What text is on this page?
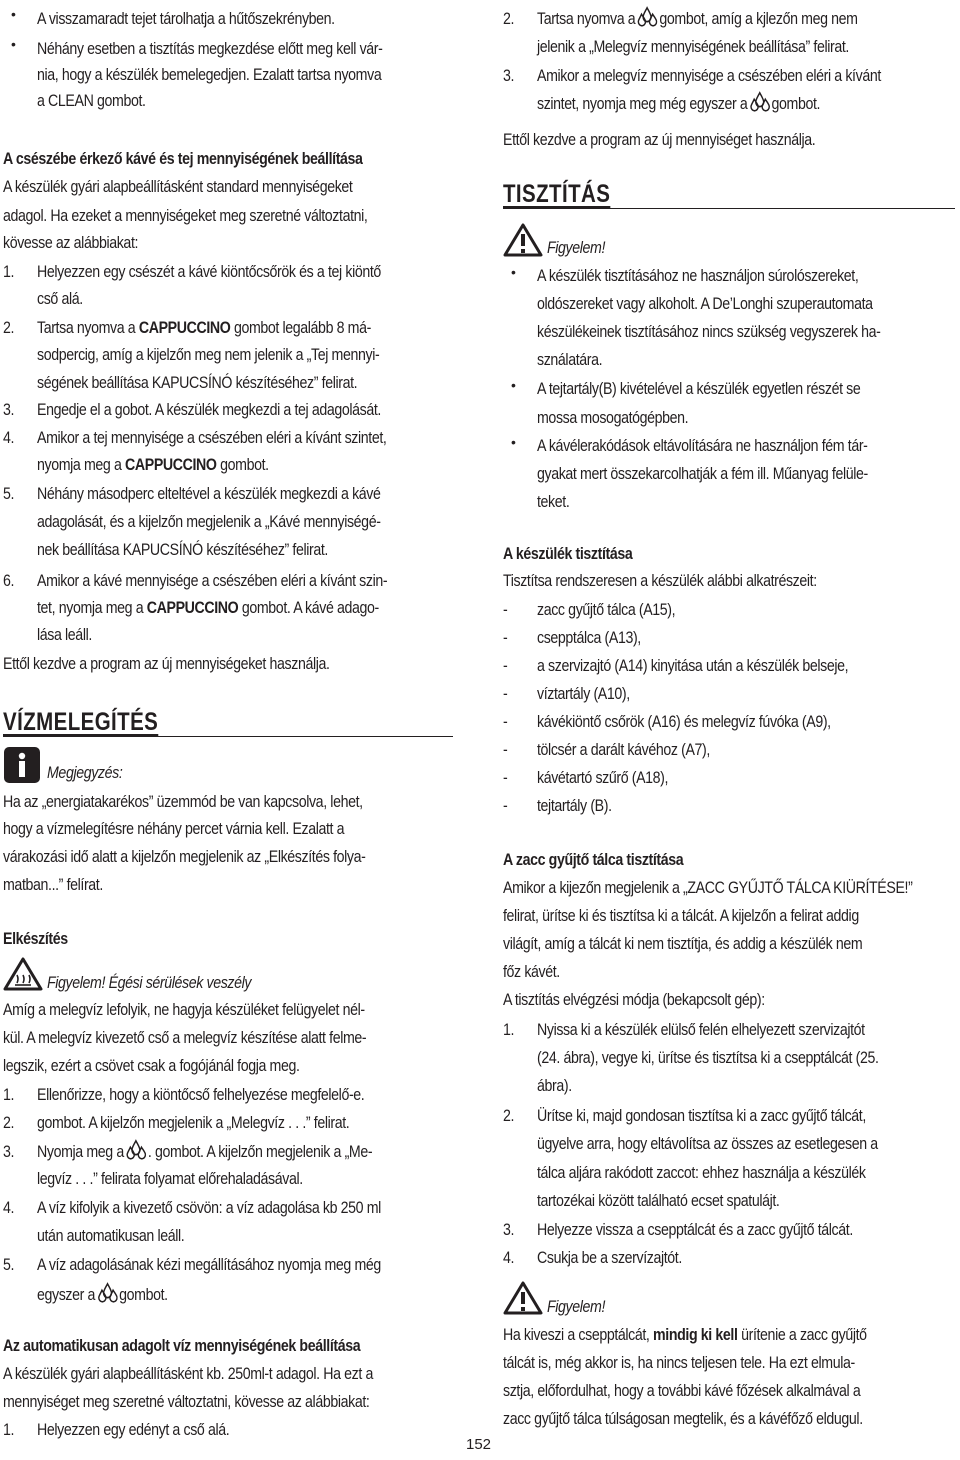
• A visszamaradt tejet tárolhatja a hűtőszekrényben.
• Néhány esetben a tisztítás megkezdése előtt meg kell vár-
nia, hogy a készülék bemelegedjen. Ezalatt tartsa nyomva
a CLEAN gombot.
A csészébe érkező kávé és tej mennyiségének beállítása
A készülék gyári alapbeállításként standard mennyiségeket
adagol. Ha ezeket a mennyiségeket meg szeretné változtatni,
kövesse az alábbiakat:
1.	Helyezzen egy csészét a kávé kiöntőcsőrök és a tej kiöntő
cső alá.
2.	Tartsa nyomva a CAPPUCCINO gombot legalább 8 má-
sodpercig, amíg a kijelzőn meg nem jelenik a „Tej mennyi-
ségének beállítása KAPUCSÍNÓ készítéséhez” felirat.
3.	Engedje el a gobot. A készülék megkezdi a tej adagolását.
4.	Amikor a tej mennyisége a csészében eléri a kívánt szintet,
nyomja meg a CAPPUCCINO gombot.
5.	Néhány másodperc elteltével a készülék megkezdi a kávé
adagolását, és a kijelzőn megjelenik a „Kávé mennyiségé-
nek beállítása KAPUCSÍNÓ készítéséhez” felirat.
6.	Amikor a kávé mennyisége a csészében eléri a kívánt szin-
tet, nyomja meg a CAPPUCCINO gombot. A kávé adago-
lása leáll.
Ettől kezdve a program az új mennyiségeket használja.
VÍZMELEGÍTÉS
Megjegyzés:
Ha az „energiatakarékos” üzemmód be van kapcsolva, lehet,
hogy a vízmelegítésre néhány percet várnia kell. Ezalatt a
várakozási idő alatt a kijelzőn megjelenik az „Elkészítés folya-
matban...” felírat.
Elkészítés
Figyelem! Égési sérülések veszély
Amíg a melegvíz lefolyik, ne hagyja készüléket felügyelet nél-
kül. A melegvíz kivezető cső a melegvíz készítése alatt felme-
legszik, ezért a csövet csak a fogójánál fogja meg.
1.	Ellenőrizze, hogy a kiöntőcső felhelyezése megfelelő-e.
2.	gombot. A kijelzőn megjelenik a „Melegvíz . . .” felirat.
3.	Nyomja meg a . gombot. A kijelzőn megjelenik a „Me-
legvíz . . .” felirata folyamat előrehaladásával.
4.	A víz kifolyik a kivezető csövön: a víz adagolása kb 250 ml
után automatikusan leáll.
5.	A víz adagolásának kézi megállításához nyomja meg még
egyszer a gombot.
Az automatikusan adagolt víz mennyiségének beállítása
A készülék gyári alapbeállításként kb. 250ml-t adagol. Ha ezt a
mennyiséget meg szeretné változtatni, kövesse az alábbiakat:
1.	Helyezzen egy edényt a cső alá.
152
2.	Tartsa nyomva a gombot, amíg a kjlezőn meg nem
jelenik a „Melegvíz mennyiségének beállítása” felirat.
3.	Amikor a melegvíz mennyisége a csészében eléri a kívánt
szintet, nyomja meg még egyszer a gombot.
Ettől kezdve a program az új mennyiséget használja.
TISZTÍTÁS
Figyelem!
• A készülék tisztításához ne használjon súrolószereket,
oldószereket vagy alkoholt. A De’Longhi szuperautomata
készülékeinek tisztításához nincs szükség vegyszerek ha-
sználatára.
• A tejtartály(B) kivételével a készülék egyetlen részét se
mossa mosogatógépben.
• A kávélerakódások eltávolítására ne használjon fém tár-
gyakat mert összekarcolhatják a fém ill. Műanyag felüle-
teket.
A készülék tisztítása
Tisztítsa rendszeresen a készülék alábbi alkatrészeit:
-	zacc gyűjtő tálca (A15),
-	csepptálca (A13),
-	a szervizajtó (A14) kinyitása után a készülék belseje,
-	víztartály (A10),
-	kávékiöntő csőrök (A16) és melegvíz fúvóka (A9),
-	tölcsér a darált kávéhoz (A7),
-	kávétartó szűrő (A18),
-	tejtartály (B).
A zacc gyűjtő tálca tisztítása
Amikor a kijezőn megjelenik a „ZACC GYŰJTŐ TÁLCA KIÜRÍTÉSE!”
felirat, ürítse ki és tisztítsa ki a tálcát. A kijelzőn a felirat addig
világít, amíg a tálcát ki nem tisztítja, és addig a készülék nem
főz kávét.
A tisztítás elvégzési módja (bekapcsolt gép):
1.	Nyissa ki a készülék elülső felén elhelyezett szervizajtót
(24. ábra), vegye ki, ürítse és tisztítsa ki a csepptálcát (25.
ábra).
2.	Ürítse ki, majd gondosan tisztítsa ki a zacc gyűjtő tálcát,
ügyelve arra, hogy eltávolítsa az összes az esetlegesen a
tálca aljára rakódott zaccot: ehhez használja a készülék
tartozékai között található ecset spatulájt.
3.	Helyezze vissza a csepptálcát és a zacc gyűjtő tálcát.
4.	Csukja be a szervízajtót.
Figyelem!
Ha kiveszi a csepptálcát, mindig ki kell ürítenie a zacc gyűjtő
tálcát is, még akkor is, ha nincs teljesen tele. Ha ezt elmula-
sztja, előfordulhat, hogy a további kávé főzések alkalmával a
zacc gyűjtő tálca túlságosan megtelik, és a kávéfőző eldugul.
